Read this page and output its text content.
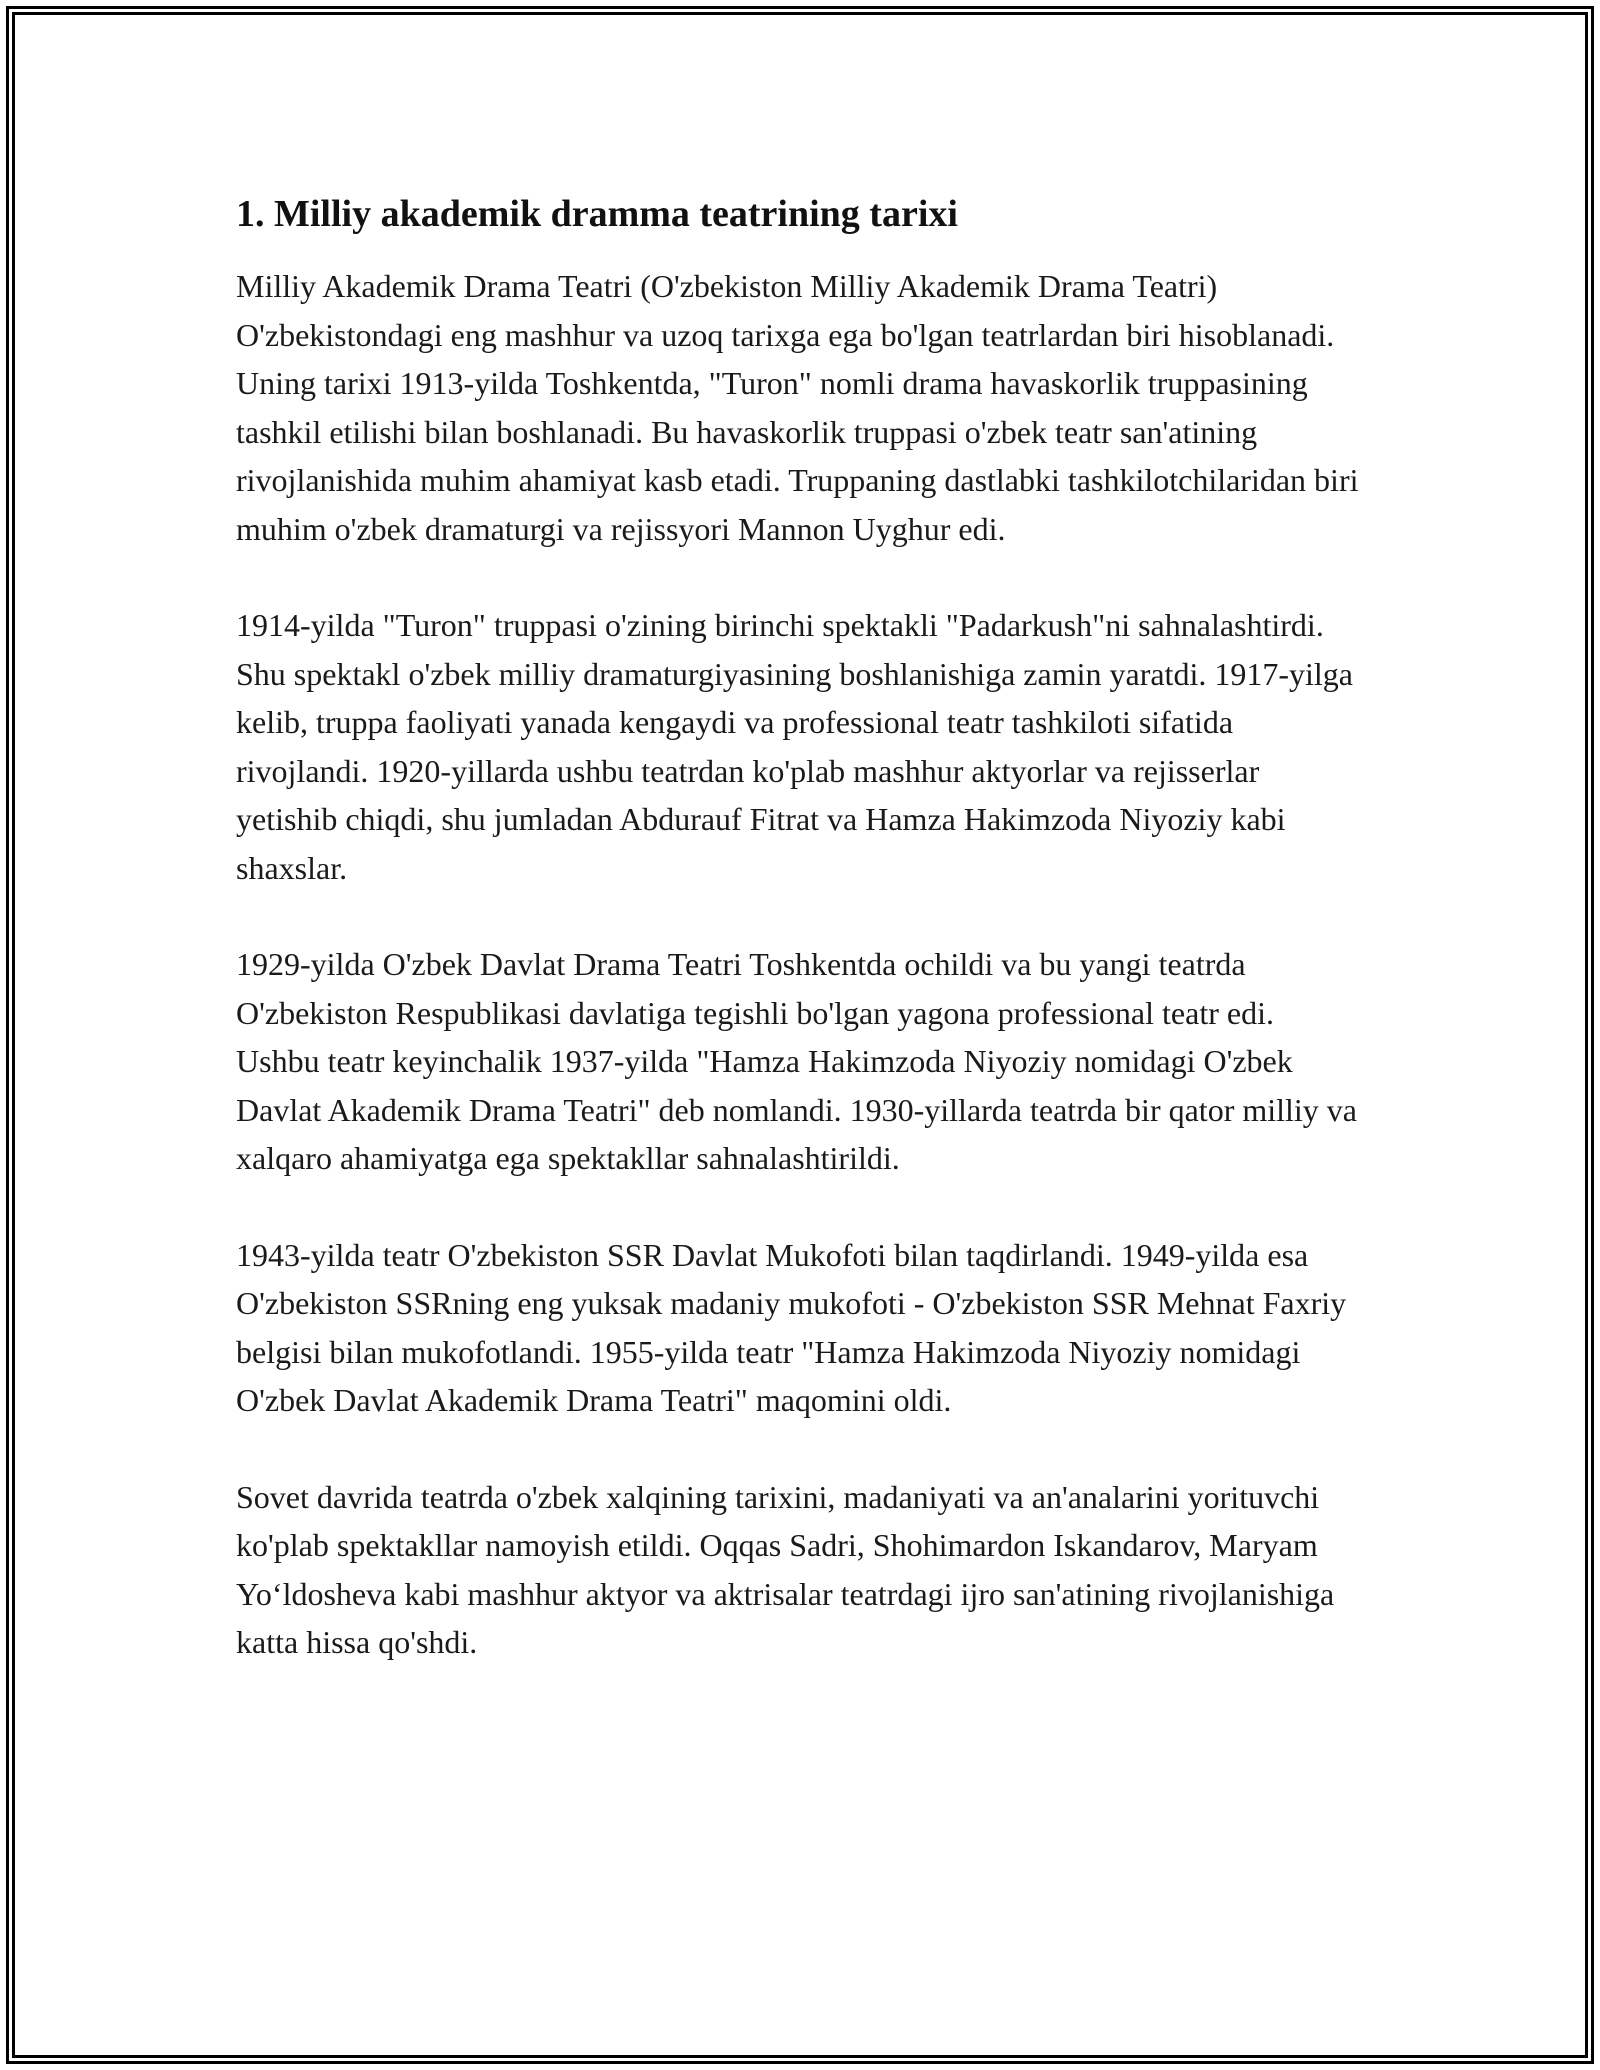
1. Milliy akademik dramma teatrining tarixi

Milliy Akademik Drama Teatri (O'zbekiston Milliy Akademik Drama Teatri) O'zbekistondagi eng mashhur va uzoq tarixga ega bo'lgan teatrlardan biri hisoblanadi. Uning tarixi 1913-yilda Toshkentda, "Turon" nomli drama havaskorlik truppasining tashkil etilishi bilan boshlanadi. Bu havaskorlik truppasi o'zbek teatr san'atining rivojlanishida muhim ahamiyat kasb etadi. Truppaning dastlabki tashkilotchilaridan biri muhim o'zbek dramaturgi va rejissyori Mannon Uyghur edi.

1914-yilda "Turon" truppasi o'zining birinchi spektakli "Padarkush"ni sahnalashtirdi. Shu spektakl o'zbek milliy dramaturgiyasining boshlanishiga zamin yaratdi. 1917-yilga kelib, truppa faoliyati yanada kengaydi va professional teatr tashkiloti sifatida rivojlandi. 1920-yillarda ushbu teatrdan ko'plab mashhur aktyorlar va rejisserlar yetishib chiqdi, shu jumladan Abdurauf Fitrat va Hamza Hakimzoda Niyoziy kabi shaxslar.

1929-yilda O'zbek Davlat Drama Teatri Toshkentda ochildi va bu yangi teatrda O'zbekiston Respublikasi davlatiga tegishli bo'lgan yagona professional teatr edi. Ushbu teatr keyinchalik 1937-yilda "Hamza Hakimzoda Niyoziy nomidagi O'zbek Davlat Akademik Drama Teatri" deb nomlandi. 1930-yillarda teatrda bir qator milliy va xalqaro ahamiyatga ega spektakllar sahnalashtirildi.

1943-yilda teatr O'zbekiston SSR Davlat Mukofoti bilan taqdirlandi. 1949-yilda esa O'zbekiston SSRning eng yuksak madaniy mukofoti - O'zbekiston SSR Mehnat Faxriy belgisi bilan mukofotlandi. 1955-yilda teatr "Hamza Hakimzoda Niyoziy nomidagi O'zbek Davlat Akademik Drama Teatri" maqomini oldi.

Sovet davrida teatrda o'zbek xalqining tarixini, madaniyati va an'analarini yorituvchi ko'plab spektakllar namoyish etildi. Oqqas Sadri, Shohimardon Iskandarov, Maryam Yo‘ldosheva kabi mashhur aktyor va aktrisalar teatrdagi ijro san'atining rivojlanishiga katta hissa qo'shdi.
